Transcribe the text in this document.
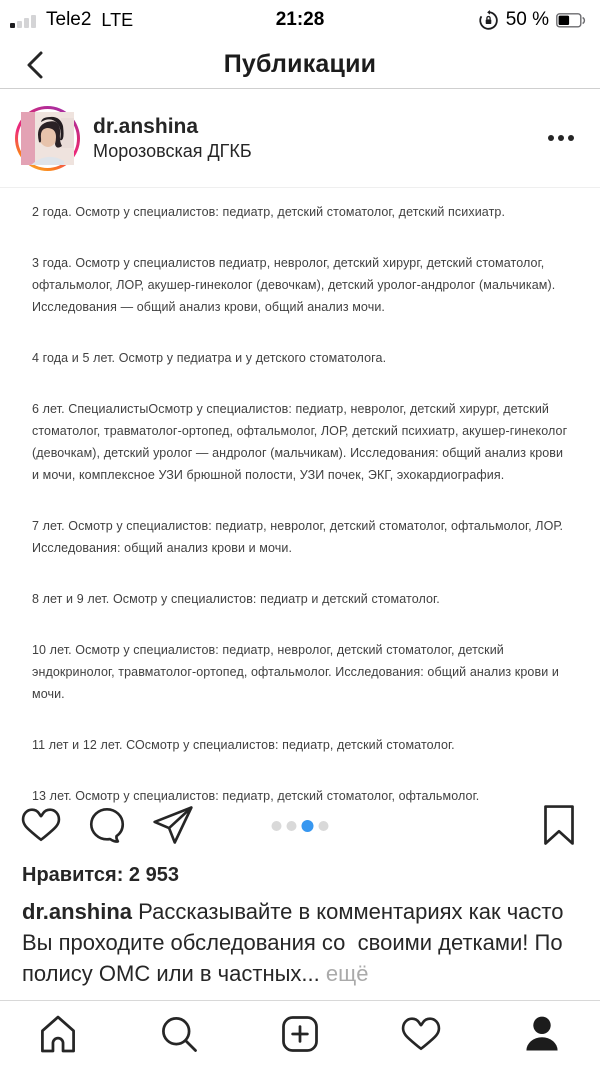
Tele2 LTE	21:28	50 %
Публикации
dr.anshina
Морозовская ДГКБ

2 года. Осмотр у специалистов: педиатр, детский стоматолог, детский психиатр.

3 года. Осмотр у специалистов педиатр, невролог, детский хирург, детский стоматолог, офтальмолог, ЛОР, акушер-гинеколог (девочкам), детский уролог-андролог (мальчикам). Исследования — общий анализ крови, общий анализ мочи.

4 года и 5 лет. Осмотр у педиатра и у детского стоматолога.

6 лет. СпециалистыОсмотр у специалистов: педиатр, невролог, детский хирург, детский стоматолог, травматолог-ортопед, офтальмолог, ЛОР, детский психиатр, акушер-гинеколог (девочкам), детский уролог — андролог (мальчикам). Исследования: общий анализ крови и мочи, комплексное УЗИ брюшной полости, УЗИ почек, ЭКГ, эхокардиография.

7 лет. Осмотр у специалистов: педиатр, невролог, детский стоматолог, офтальмолог, ЛОР. Исследования: общий анализ крови и мочи.

8 лет и 9 лет. Осмотр у специалистов: педиатр и детский стоматолог.

10 лет. Осмотр у специалистов: педиатр, невролог, детский стоматолог, детский эндокринолог, травматолог-ортопед, офтальмолог. Исследования: общий анализ крови и мочи.

11 лет и 12 лет. СОсмотр у специалистов: педиатр, детский стоматолог.

13 лет. Осмотр у специалистов: педиатр, детский стоматолог, офтальмолог.

Нравится: 2 953
dr.anshina Рассказывайте в комментариях как часто Вы проходите обследования со  своими детками! По полису ОМС или в частных... ещё
